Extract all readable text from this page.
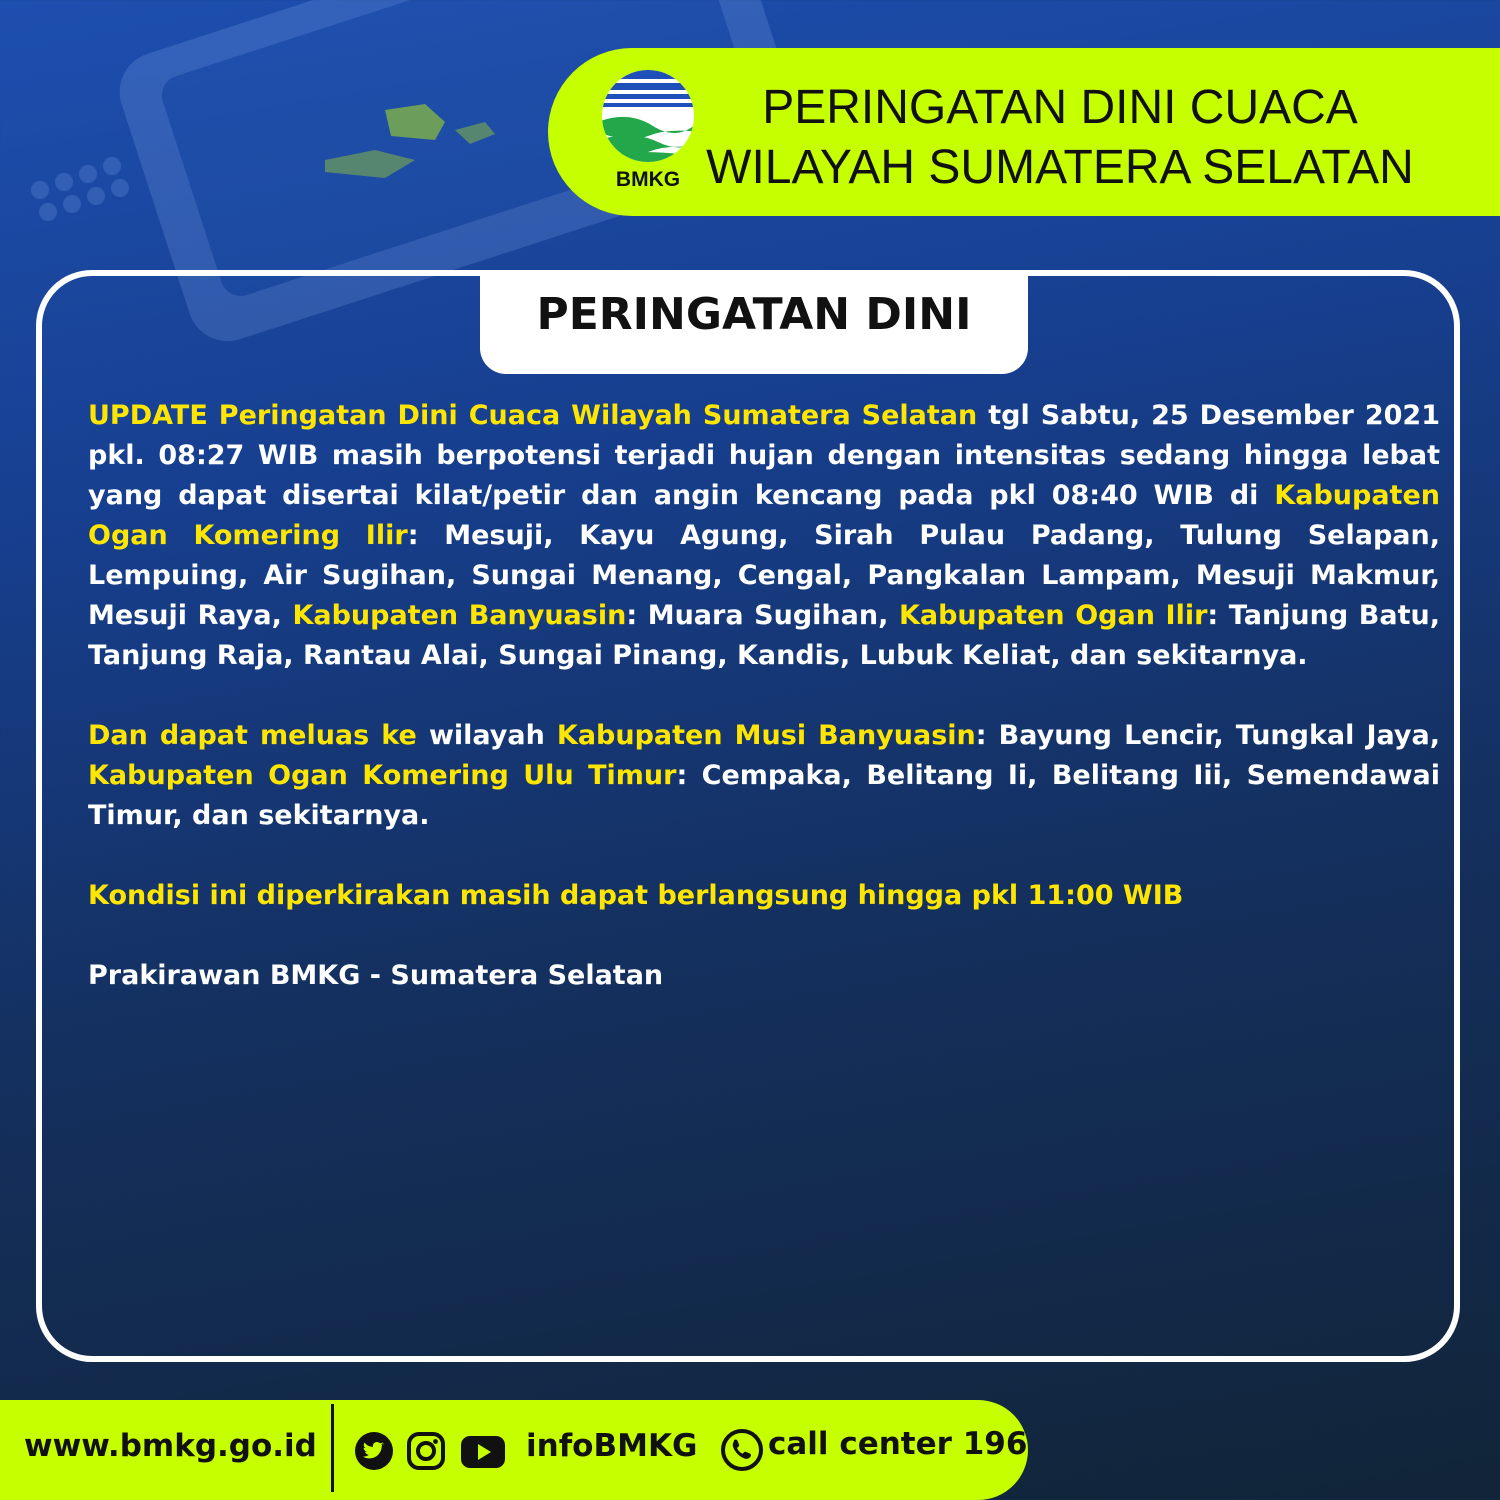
BMKG
PERINGATAN DINI CUACA
WILAYAH SUMATERA SELATAN
PERINGATAN DINI

UPDATE Peringatan Dini Cuaca Wilayah Sumatera Selatan tgl Sabtu, 25 Desember 2021 pkl. 08:27 WIB masih berpotensi terjadi hujan dengan intensitas sedang hingga lebat yang dapat disertai kilat/petir dan angin kencang pada pkl 08:40 WIB di Kabupaten Ogan Komering Ilir: Mesuji, Kayu Agung, Sirah Pulau Padang, Tulung Selapan, Lempuing, Air Sugihan, Sungai Menang, Cengal, Pangkalan Lampam, Mesuji Makmur, Mesuji Raya, Kabupaten Banyuasin: Muara Sugihan, Kabupaten Ogan Ilir: Tanjung Batu, Tanjung Raja, Rantau Alai, Sungai Pinang, Kandis, Lubuk Keliat, dan sekitarnya.

Dan dapat meluas ke wilayah Kabupaten Musi Banyuasin: Bayung Lencir, Tungkal Jaya, Kabupaten Ogan Komering Ulu Timur: Cempaka, Belitang Ii, Belitang Iii, Semendawai Timur, dan sekitarnya.

Kondisi ini diperkirakan masih dapat berlangsung hingga pkl 11:00 WIB

Prakirawan BMKG - Sumatera Selatan

www.bmkg.go.id	infoBMKG call center 196
